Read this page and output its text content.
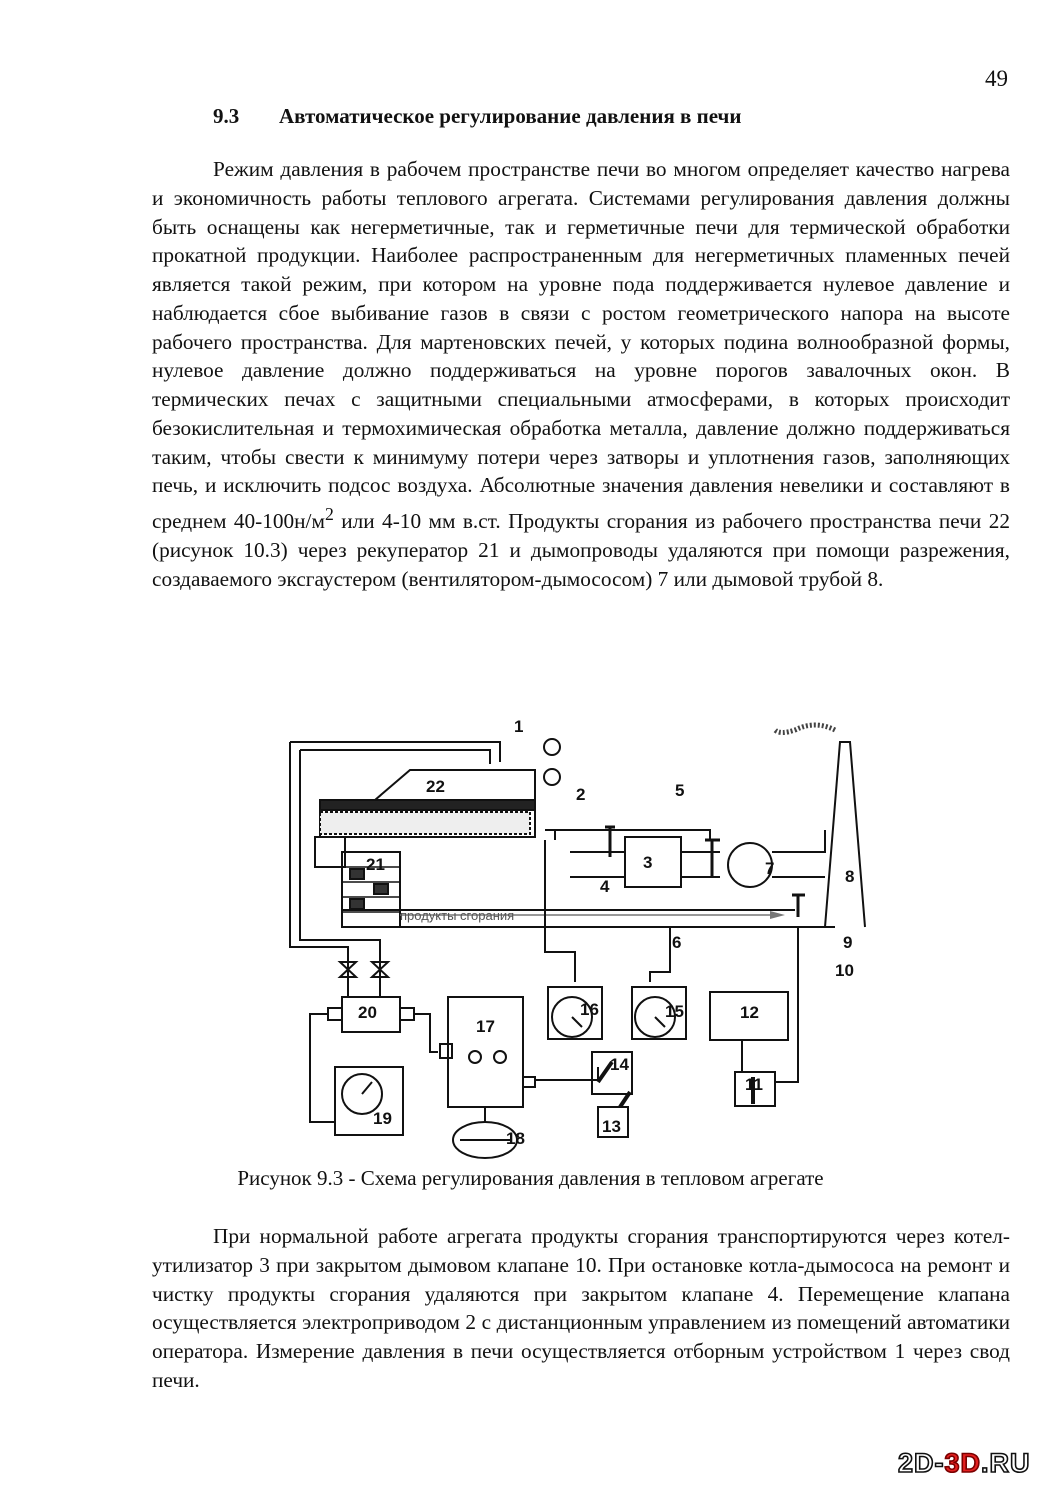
49
9.3 Автоматическое регулирование давления в печи

Режим давления в рабочем пространстве печи во многом определяет качество нагрева и экономичность работы теплового агрегата. Системами регулирования давления должны быть оснащены как негерметичные, так и герметичные печи для термической обработки прокатной продукции. Наиболее распространенным для негерметичных пламенных печей является такой режим, при котором на уровне пода поддерживается нулевое давление и наблюдается сбое выбивание газов в связи с ростом геометрического напора на высоте рабочего пространства. Для мартеновских печей, у которых подина волнообразной формы, нулевое давление должно поддерживаться на уровне порогов завалочных окон. В термических печах с защитными специальными атмосферами, в которых происходит безокислительная и термохимическая обработка металла, давление должно поддерживаться таким, чтобы свести к минимуму потери через затворы и уплотнения газов, заполняющих печь, и исключить подсос воздуха. Абсолютные значения давления невелики и составляют в среднем $40-100н/м^2$ или 4-10 мм в.ст. Продукты сгорания из рабочего пространства печи 22 (рисунок 10.3) через рекуператор 21 и дымопроводы удаляются при помощи разрежения, создаваемого эксгаустером (вентилятором-дымососом) 7 или дымовой трубой 8.

продукты сгорания
1
2
3
4
5
6
7	8
9
10
11
12
13
14
15
16
17
18
19
20
21
22
Рисунок 9.3 - Схема регулирования давления в тепловом агрегате

При нормальной работе агрегата продукты сгорания транспортируются через котел-утилизатор 3 при закрытом дымовом клапане 10. При остановке котла-дымососа на ремонт и чистку продукты сгорания удаляются при закрытом клапане 4. Перемещение клапана осуществляется электроприводом 2 с дистанционным управлением из помещений автоматики оператора. Измерение давления в печи осуществляется отборным устройством 1 через свод печи.

2D-3D.RU
